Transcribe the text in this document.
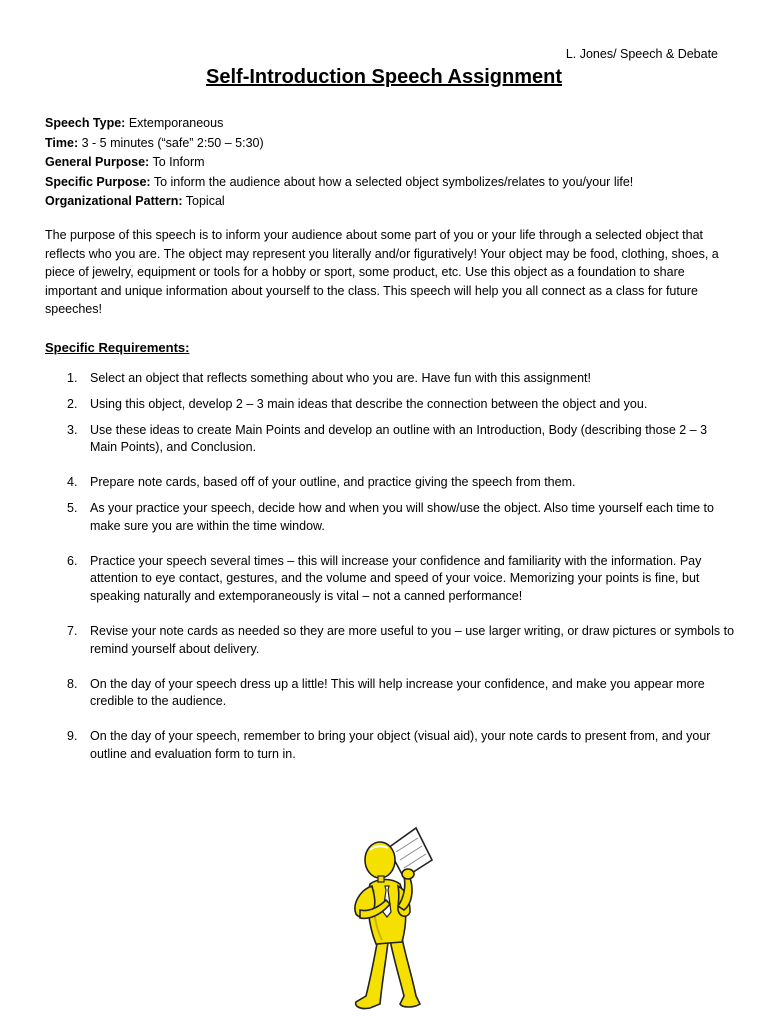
L. Jones/ Speech & Debate
Self-Introduction Speech Assignment
Speech Type: Extemporaneous
Time: 3 - 5 minutes (“safe” 2:50 – 5:30)
General Purpose: To Inform
Specific Purpose: To inform the audience about how a selected object symbolizes/relates to you/your life!
Organizational Pattern: Topical
The purpose of this speech is to inform your audience about some part of you or your life through a selected object that reflects who you are. The object may represent you literally and/or figuratively! Your object may be food, clothing, shoes, a piece of jewelry, equipment or tools for a hobby or sport, some product, etc. Use this object as a foundation to share important and unique information about yourself to the class. This speech will help you all connect as a class for future speeches!
Specific Requirements:
1. Select an object that reflects something about who you are. Have fun with this assignment!
2. Using this object, develop 2 – 3 main ideas that describe the connection between the object and you.
3. Use these ideas to create Main Points and develop an outline with an Introduction, Body (describing those 2 – 3 Main Points), and Conclusion.
4. Prepare note cards, based off of your outline, and practice giving the speech from them.
5. As your practice your speech, decide how and when you will show/use the object. Also time yourself each time to make sure you are within the time window.
6. Practice your speech several times – this will increase your confidence and familiarity with the information. Pay attention to eye contact, gestures, and the volume and speed of your voice. Memorizing your points is fine, but speaking naturally and extemporaneously is vital – not a canned performance!
7. Revise your note cards as needed so they are more useful to you – use larger writing, or draw pictures or symbols to remind yourself about delivery.
8. On the day of your speech dress up a little! This will help increase your confidence, and make you appear more credible to the audience.
9. On the day of your speech, remember to bring your object (visual aid), your note cards to present from, and your outline and evaluation form to turn in.
